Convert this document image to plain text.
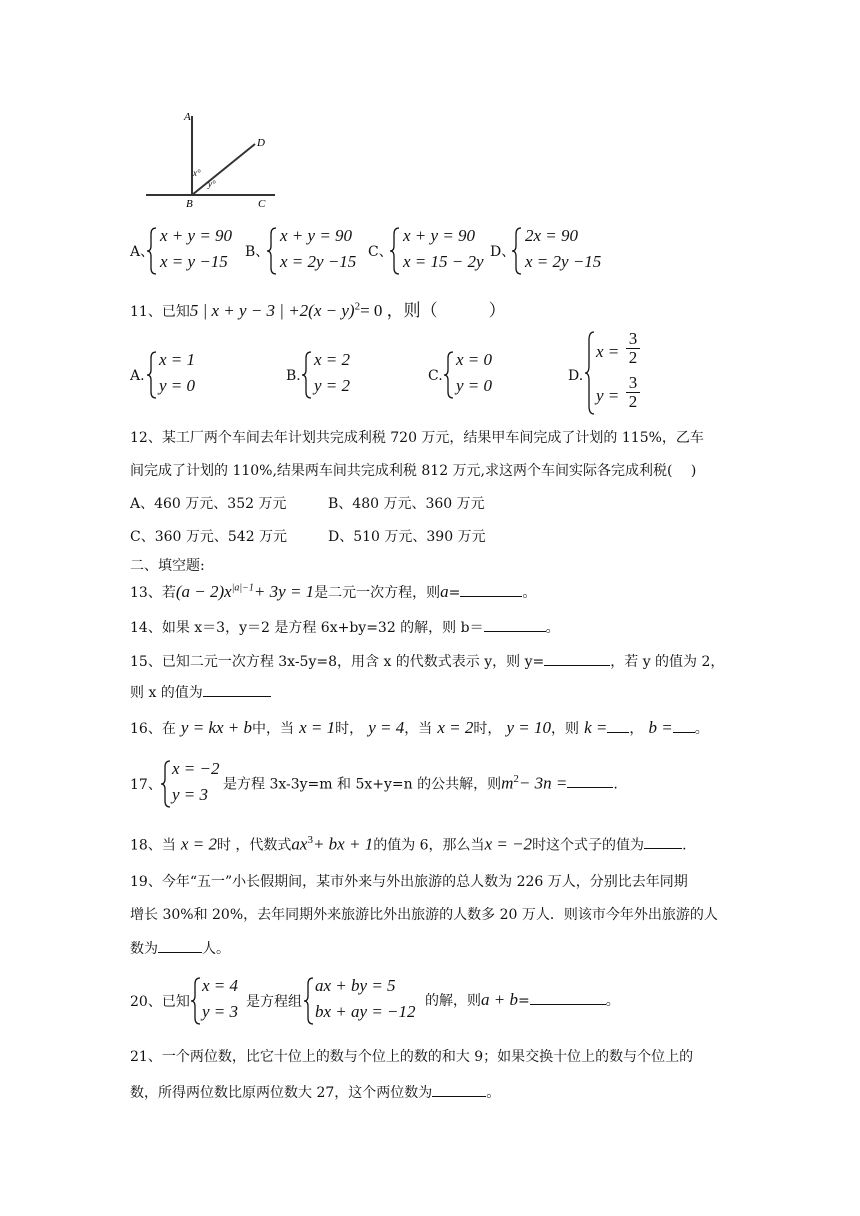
A
D
B	C
x°
y°
A、
x + y = 90
x = y −15 B、
x + y = 90
x = 2y −15 C、
x + y = 90
x = 15 − 2y D、
2x = 90
x = 2y −15
11、已知5 | x + y − 3 | $+2(x - y)^2= 0$ ，则（　　　）
A.
x = 1
y = 0	B.
x = 2
y = 2	C.
x = 0
y = 0	D.
$x = \frac{3}{2}$
$y = \frac{3}{2}$
12、某工厂两个车间去年计划共完成利税 720 万元，结果甲车间完成了计划的 115%，乙车
间完成了计划的 110%,结果两车间共完成利税 812 万元,求这两个车间实际各完成利税(　 )
A、460 万元、352 万元	B、480 万元、360 万元
C、360 万元、542 万元	D、510 万元、390 万元
二、填空题:
13、若$(a - 2)x^{|a|-1}+ 3y = 1$是二元一次方程，则a=	。
14、如果 x＝3，y＝2 是方程 6x+by=32 的解，则 b＝	。
15、已知二元一次方程 3x-5y=8，用含 x 的代数式表示 y，则 y=	，若 y 的值为 2，
则 x 的值为
16、在 y = kx + b中，当 x = 1时， y = 4，当 x = 2时， y = 10，则 k = ， b = 。
17、
x = −2
y = 3
是方程 3x-3y=m 和 5x+y=n 的公共解，则$m^2- 3n$ =	.
18、当 x = 2时 ，代数式$ax^3+$ bx + 1的值为 6，那么当x = −2时这个式子的值为	.
19、今年“五一”小长假期间，某市外来与外出旅游的总人数为 226 万人，分别比去年同期
增长 30%和 20%，去年同期外来旅游比外出旅游的人数多 20 万人．则该市今年外出旅游的人
数为	人。
20、已知
x = 4
y = 3 是方程组
ax + by = 5
bx + ay = −12
的解，则a + b=	。
21、一个两位数，比它十位上的数与个位上的数的和大 9；如果交换十位上的数与个位上的
数，所得两位数比原两位数大 27，这个两位数为	。
